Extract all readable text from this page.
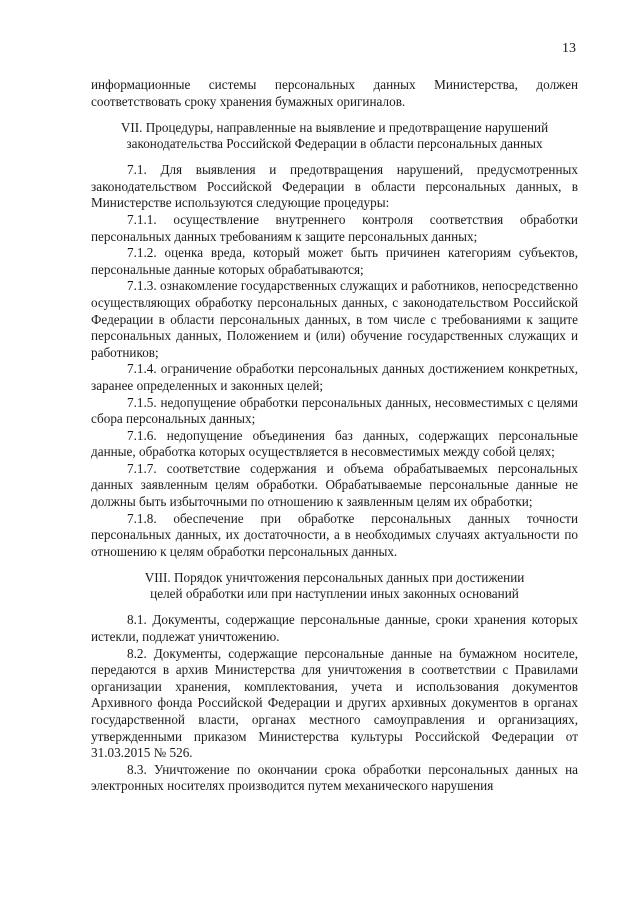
13

информационные системы персональных данных Министерства, должен соответствовать сроку хранения бумажных оригиналов.

VII. Процедуры, направленные на выявление и предотвращение нарушений
законодательства Российской Федерации в области персональных данных

7.1. Для выявления и предотвращения нарушений, предусмотренных законодательством Российской Федерации в области персональных данных, в Министерстве используются следующие процедуры:

7.1.1. осуществление внутреннего контроля соответствия обработки персональных данных требованиям к защите персональных данных;

7.1.2. оценка вреда, который может быть причинен категориям субъектов, персональные данные которых обрабатываются;

7.1.3. ознакомление государственных служащих и работников, непосредственно осуществляющих обработку персональных данных, с законодательством Российской Федерации в области персональных данных, в том числе с требованиями к защите персональных данных, Положением и (или) обучение государственных служащих и работников;

7.1.4. ограничение обработки персональных данных достижением конкретных, заранее определенных и законных целей;

7.1.5. недопущение обработки персональных данных, несовместимых с целями сбора персональных данных;

7.1.6. недопущение объединения баз данных, содержащих персональные данные, обработка которых осуществляется в несовместимых между собой целях;

7.1.7. соответствие содержания и объема обрабатываемых персональных данных заявленным целям обработки. Обрабатываемые персональные данные не должны быть избыточными по отношению к заявленным целям их обработки;

7.1.8. обеспечение при обработке персональных данных точности персональных данных, их достаточности, а в необходимых случаях актуальности по отношению к целям обработки персональных данных.

VIII. Порядок уничтожения персональных данных при достижении
целей обработки или при наступлении иных законных оснований

8.1. Документы, содержащие персональные данные, сроки хранения которых истекли, подлежат уничтожению.

8.2. Документы, содержащие персональные данные на бумажном носителе, передаются в архив Министерства для уничтожения в соответствии с Правилами организации хранения, комплектования, учета и использования документов Архивного фонда Российской Федерации и других архивных документов в органах государственной власти, органах местного самоуправления и организациях, утвержденными приказом Министерства культуры Российской Федерации от 31.03.2015 № 526.

8.3. Уничтожение по окончании срока обработки персональных данных на электронных носителях производится путем механического нарушения
